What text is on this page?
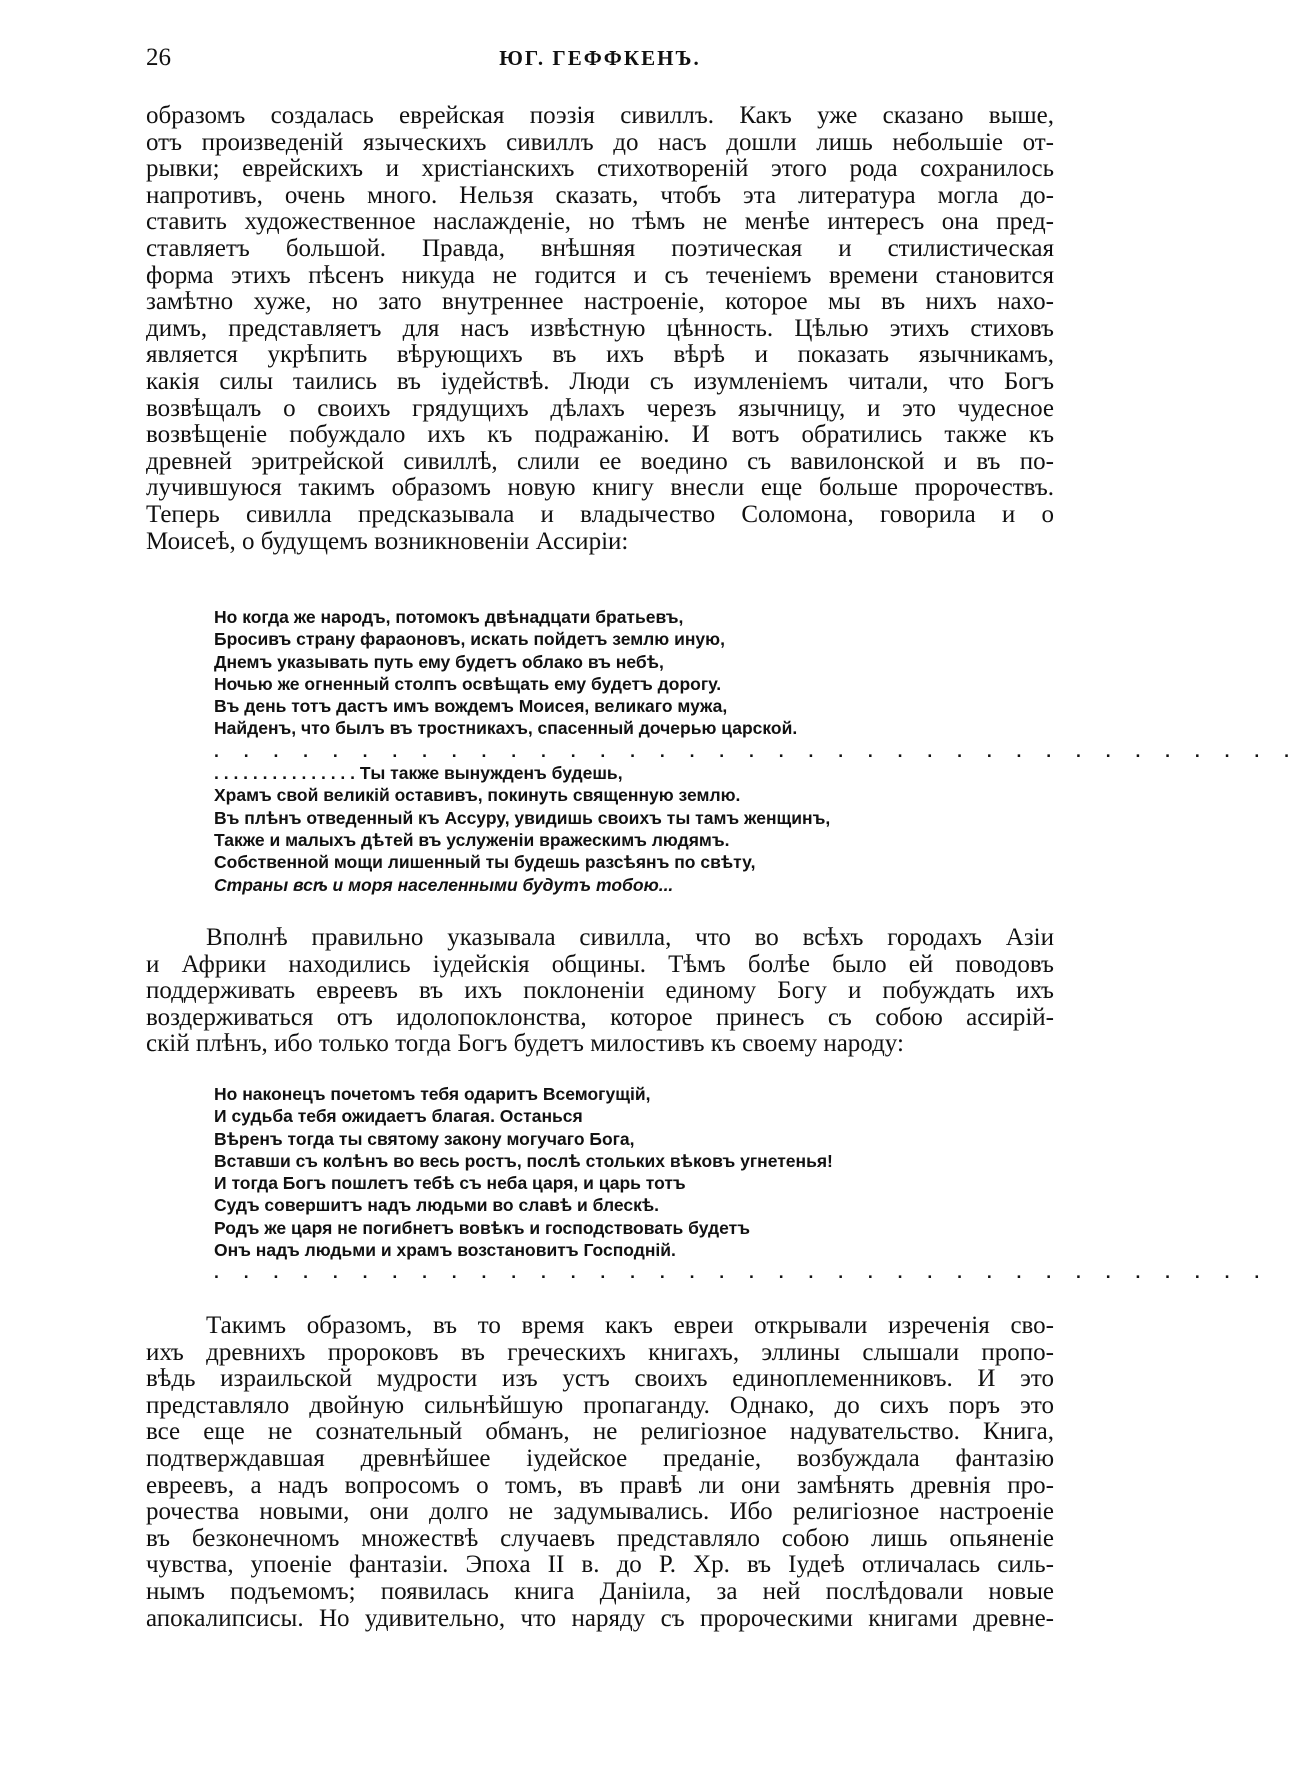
26	ЮГ. ГЕФФКЕНЪ.
образомъ создалась еврейская поэзія сивиллъ. Какъ уже сказано выше,
отъ произведеній языческихъ сивиллъ до насъ дошли лишь небольшіе от-
рывки; еврейскихъ и христіанскихъ стихотвореній этого рода сохранилось
напротивъ, очень много. Нельзя сказать, чтобъ эта литература могла до-
ставить художественное наслажденіе, но тѣмъ не менѣе интересъ она пред-
ставляетъ большой. Правда, внѣшняя поэтическая и стилистическая
форма этихъ пѣсенъ никуда не годится и съ теченіемъ времени становится
замѣтно хуже, но зато внутреннее настроеніе, которое мы въ нихъ нахо-
димъ, представляетъ для насъ извѣстную цѣнность. Цѣлью этихъ стиховъ
является укрѣпить вѣрующихъ въ ихъ вѣрѣ и показать язычникамъ,
какія силы таились въ іудействѣ. Люди съ изумленіемъ читали, что Богъ
возвѣщалъ о своихъ грядущихъ дѣлахъ черезъ язычницу, и это чудесное
возвѣщеніе побуждало ихъ къ подражанію. И вотъ обратились также къ
древней эритрейской сивиллѣ, слили ее воедино съ вавилонской и въ по-
лучившуюся такимъ образомъ новую книгу внесли еще больше пророчествъ.
Теперь сивилла предсказывала и владычество Соломона, говорила и о
Моисеѣ, о будущемъ возникновеніи Ассиріи:
Но когда же народъ, потомокъ двѣнадцати братьевъ,
Бросивъ страну фараоновъ, искать пойдетъ землю иную,
Днемъ указывать путь ему будетъ облако въ небѣ,
Ночью же огненный столпъ освѣщать ему будетъ дорогу.
Въ день тотъ дастъ имъ вождемъ Моисея, великаго мужа,
Найденъ, что былъ въ тростникахъ, спасенный дочерью царской.
. . . . . . . . . . . . . . . . . . . . . . . . . . . . . . . . . . . . .
. . . . . . . . . . . . . . . Ты также вынужденъ будешь,
Храмъ свой великій оставивъ, покинуть священную землю.
Въ плѣнъ отведенный къ Ассуру, увидишь своихъ ты тамъ женщинъ,
Также и малыхъ дѣтей въ услуженіи вражескимъ людямъ.
Собственной мощи лишенный ты будешь разсѣянъ по свѣту,
Страны всѣ и моря населенными будутъ тобою...
Вполнѣ правильно указывала сивилла, что во всѣхъ городахъ Азіи
и Африки находились іудейскія общины. Тѣмъ болѣе было ей поводовъ
поддерживать евреевъ въ ихъ поклоненіи единому Богу и побуждать ихъ
воздерживаться отъ идолопоклонства, которое принесъ съ собою ассирій-
скій плѣнъ, ибо только тогда Богъ будетъ милостивъ къ своему народу:
Но наконецъ почетомъ тебя одаритъ Всемогущій,
И судьба тебя ожидаетъ благая. Останься
Вѣренъ тогда ты святому закону могучаго Бога,
Вставши съ колѣнъ во весь ростъ, послѣ стольких вѣковъ угнетенья!
И тогда Богъ пошлетъ тебѣ съ неба царя, и царь тотъ
Судъ совершитъ надъ людьми во славѣ и блескѣ.
Родъ же царя не погибнетъ вовѣкъ и господствовать будетъ
Онъ надъ людьми и храмъ возстановитъ Господній.
. . . . . . . . . . . . . . . . . . . . . . . . . . . . . . . . . . . .
Такимъ образомъ, въ то время какъ евреи открывали изреченія сво-
ихъ древнихъ пророковъ въ греческихъ книгахъ, эллины слышали пропо-
вѣдь израильской мудрости изъ устъ своихъ единоплеменниковъ. И это
представляло двойную сильнѣйшую пропаганду. Однако, до сихъ поръ это
все еще не сознательный обманъ, не религіозное надувательство. Книга,
подтверждавшая древнѣйшее іудейское преданіе, возбуждала фантазію
евреевъ, а надъ вопросомъ о томъ, въ правѣ ли они замѣнять древнія про-
рочества новыми, они долго не задумывались. Ибо религіозное настроеніе
въ безконечномъ множествѣ случаевъ представляло собою лишь опьяненіе
чувства, упоеніе фантазіи. Эпоха II в. до Р. Хр. въ Іудеѣ отличалась силь-
нымъ подъемомъ; появилась книга Даніила, за ней послѣдовали новые
апокалипсисы. Но удивительно, что наряду съ пророческими книгами древне-
